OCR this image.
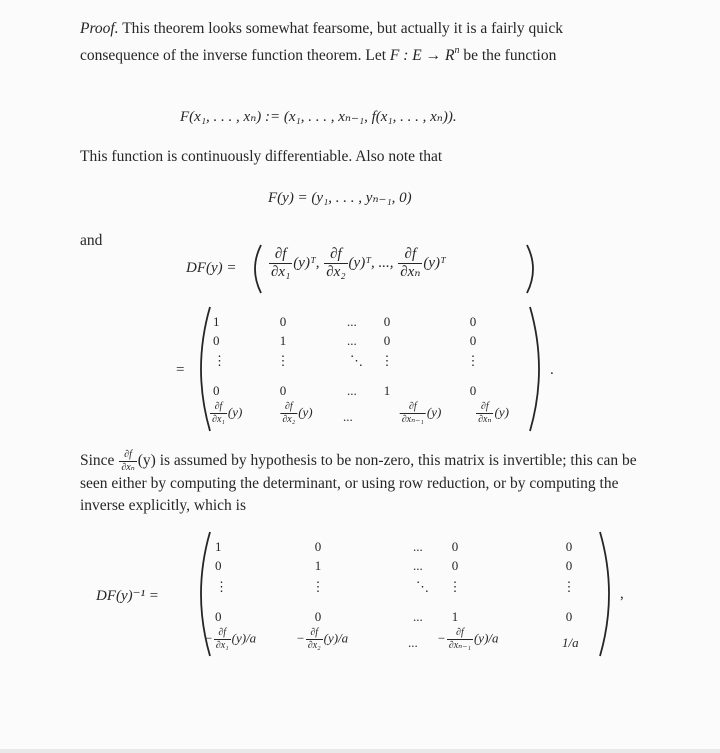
Proof. This theorem looks somewhat fearsome, but actually it is a fairly quick consequence of the inverse function theorem. Let F : $E \to R^n$ be the function
F(x₁, . . . , xₙ) := (x₁, . . . , xₙ₋₁, f(x₁, . . . , xₙ)).
This function is continuously differentiable. Also note that
F(y) = (y₁, . . . , yₙ₋₁, 0)
and
$DF(y) = \frac{\partial f}{\text{∂x₁}}$ (y)ᵀ, $\frac{\partial f}{\text{∂x₂}}$ (y)ᵀ, ..., $\frac{\partial f}{\text{∂xₙ}}$ (y)ᵀ
=	.
1	0	... 0	0
0	1	... 0	0
⋮	⋮	⋱ ⋮	⋮
0	0	... 1	0
$\frac{\partial f}{\text{∂x₁}} (y)$	$\frac{\partial f}{\text{∂x₂}} (y)$ ...	$\frac{\partial f}{\text{∂xₙ₋₁}} (y)$	$\frac{\partial f}{\text{∂xₙ}} (y)$
Since $\frac{\partial f}{\text{∂xₙ}} (y)$ is assumed by hypothesis to be non-zero, this matrix is invertible; this can be seen either by computing the determinant, or using row reduction, or by computing the inverse explicitly, which is
DF(y)⁻¹ =	,
1	0	... 0	0
0	1	... 0	0
⋮	⋮	⋱ ⋮	⋮
0	0	... 1	0
− $\frac{\partial f}{\text{∂x₁}} (y)/a$	− $\frac{\partial f}{\text{∂x₂}} (y)/a$	... − $\frac{\partial f}{\text{∂xₙ₋₁}} (y)/a$	1/a
